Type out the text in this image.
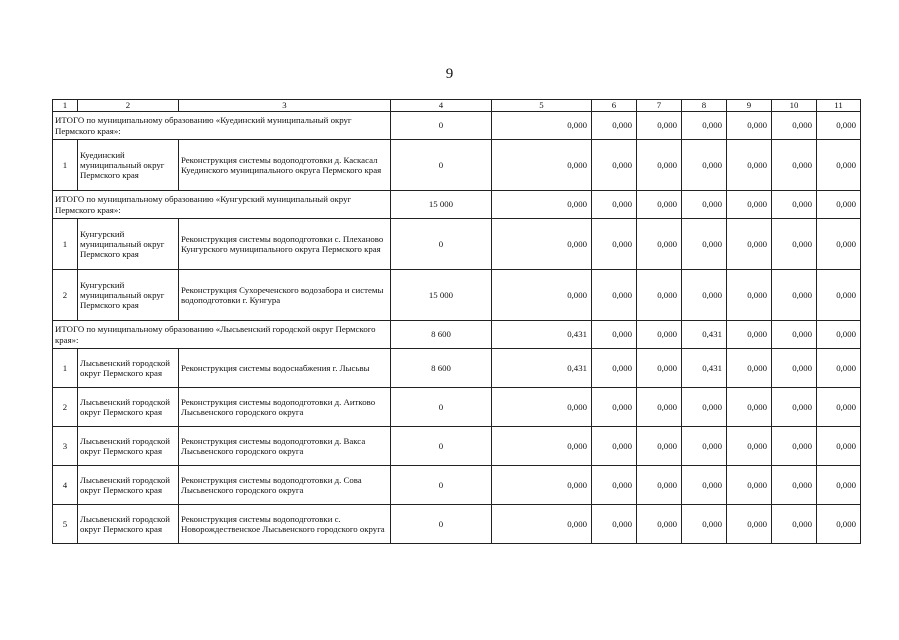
9
1	2	3	4	5	6	7	8	9	10	11
ИТОГО по муниципальному образованию «Куединский муниципальный округ Пермского края»:			0	0,000	0,000	0,000	0,000	0,000	0,000	0,000
1	Куединский муниципальный округ Пермского края	Реконструкция системы водоподготовки д. Каскасал Куединского муниципального округа Пермского края	0	0,000	0,000	0,000	0,000	0,000	0,000	0,000
ИТОГО по муниципальному образованию «Кунгурский муниципальный округ Пермского края»:			15 000	0,000	0,000	0,000	0,000	0,000	0,000	0,000
1	Кунгурский муниципальный округ Пермского края	Реконструкция системы водоподготовки с. Плеханово Кунгурского муниципального округа Пермского края	0	0,000	0,000	0,000	0,000	0,000	0,000	0,000
2	Кунгурский муниципальный округ Пермского края	Реконструкция Сухореченского водозабора и системы водоподготовки г. Кунгура	15 000	0,000	0,000	0,000	0,000	0,000	0,000	0,000
ИТОГО по муниципальному образованию «Лысьвенский городской округ Пермского края»:			8 600	0,431	0,000	0,000	0,431	0,000	0,000	0,000
1	Лысьвенский городской округ Пермского края	Реконструкция системы водоснабжения г. Лысьвы	8 600	0,431	0,000	0,000	0,431	0,000	0,000	0,000
2	Лысьвенский городской округ Пермского края	Реконструкция системы водоподготовки д. Аитково Лысьвенского городского округа	0	0,000	0,000	0,000	0,000	0,000	0,000	0,000
3	Лысьвенский городской округ Пермского края	Реконструкция системы водоподготовки д. Вакса Лысьвенского городского округа	0	0,000	0,000	0,000	0,000	0,000	0,000	0,000
4	Лысьвенский городской округ Пермского края	Реконструкция системы водоподготовки д. Сова Лысьвенского городского округа	0	0,000	0,000	0,000	0,000	0,000	0,000	0,000
5	Лысьвенский городской округ Пермского края	Реконструкция системы водоподготовки с. Новорождественское Лысьвенского городского округа	0	0,000	0,000	0,000	0,000	0,000	0,000	0,000
